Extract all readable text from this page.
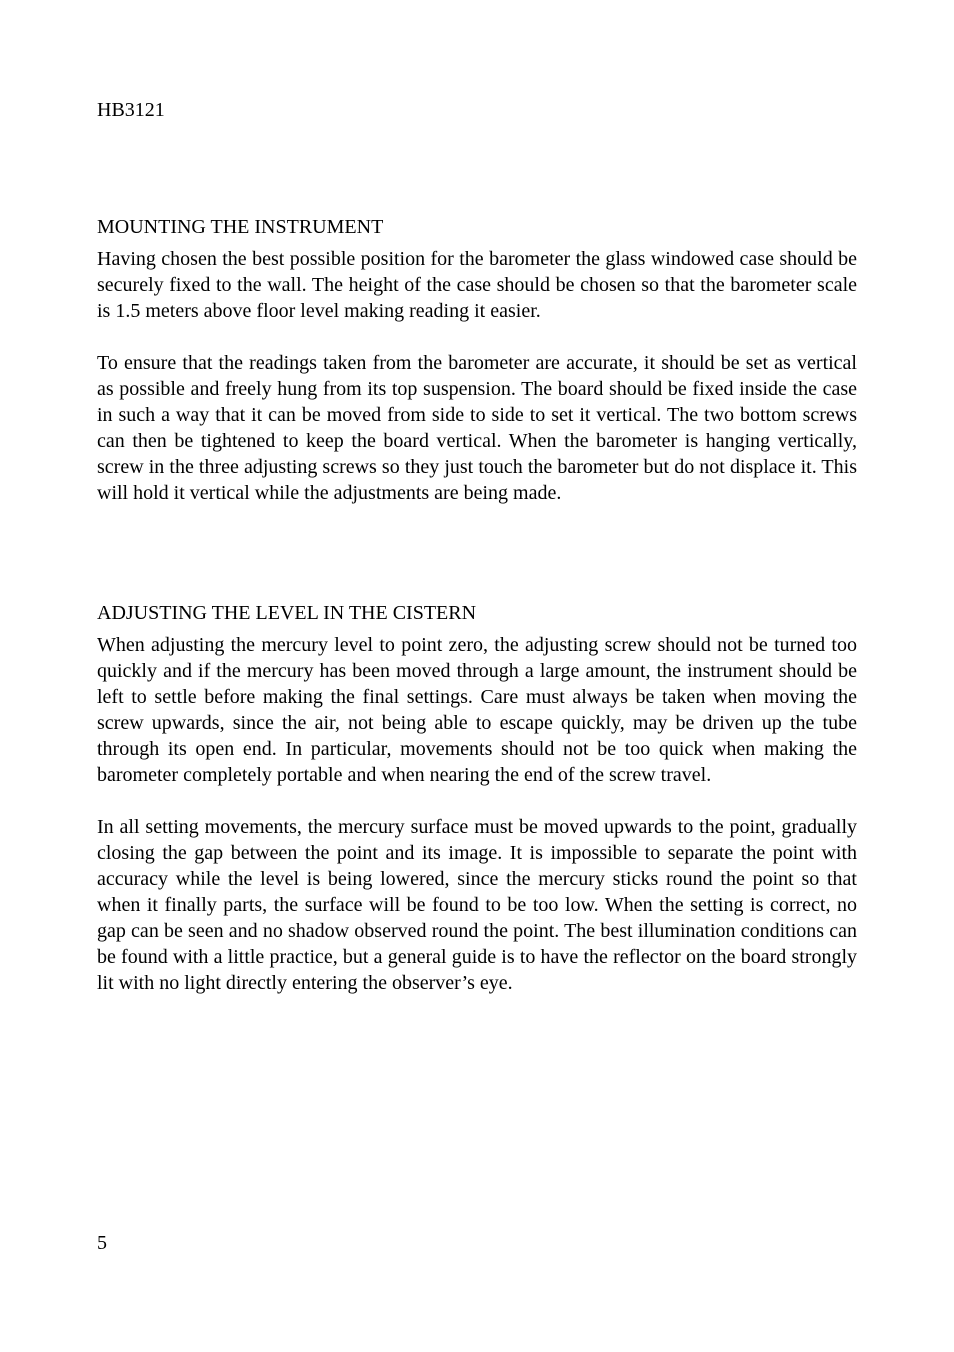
HB3121

MOUNTING THE INSTRUMENT

Having chosen the best possible position for the barometer the glass windowed case should be securely fixed to the wall. The height of the case should be chosen so that the barometer scale is 1.5 meters above floor level making reading it easier.

To ensure that the readings taken from the barometer are accurate, it should be set as vertical as possible and freely hung from its top suspension. The board should be fixed inside the case in such a way that it can be moved from side to side to set it vertical. The two bottom screws can then be tightened to keep the board vertical. When the barometer is hanging vertically, screw in the three adjusting screws so they just touch the barometer but do not displace it. This will hold it vertical while the adjustments are being made.

ADJUSTING THE LEVEL IN THE CISTERN

When adjusting the mercury level to point zero, the adjusting screw should not be turned too quickly and if the mercury has been moved through a large amount, the instrument should be left to settle before making the final settings. Care must always be taken when moving the screw upwards, since the air, not being able to escape quickly, may be driven up the tube through its open end. In particular, movements should not be too quick when making the barometer completely portable and when nearing the end of the screw travel.

In all setting movements, the mercury surface must be moved upwards to the point, gradually closing the gap between the point and its image. It is impossible to separate the point with accuracy while the level is being lowered, since the mercury sticks round the point so that when it finally parts, the surface will be found to be too low. When the setting is correct, no gap can be seen and no shadow observed round the point. The best illumination conditions can be found with a little practice, but a general guide is to have the reflector on the board strongly lit with no light directly entering the observer’s eye.

5
